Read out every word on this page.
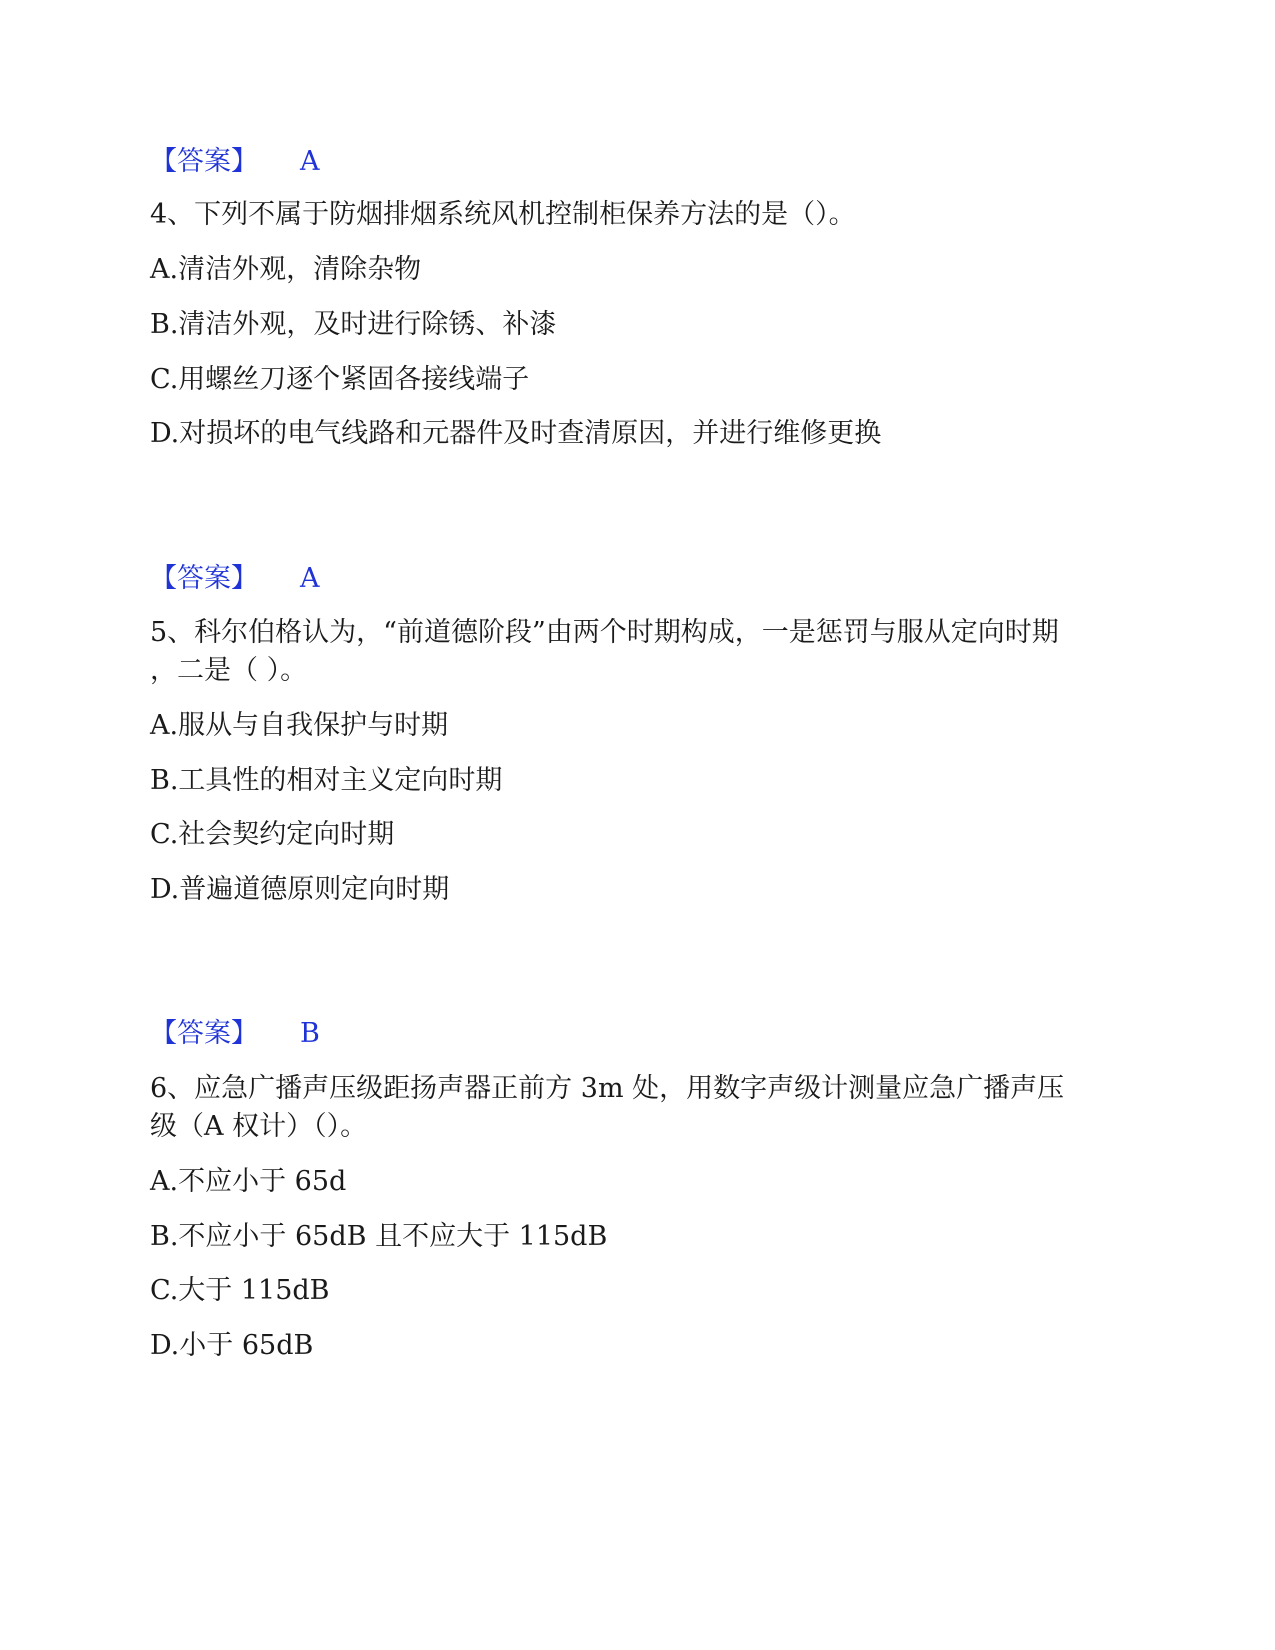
【答案】 A
4、下列不属于防烟排烟系统风机控制柜保养方法的是（）。
A.清洁外观，清除杂物
B.清洁外观，及时进行除锈、补漆
C.用螺丝刀逐个紧固各接线端子
D.对损坏的电气线路和元器件及时查清原因，并进行维修更换
【答案】 A
5、科尔伯格认为，“前道德阶段”由两个时期构成，一是惩罚与服从定向时期
，二是（ ）。
A.服从与自我保护与时期
B.工具性的相对主义定向时期
C.社会契约定向时期
D.普遍道德原则定向时期
【答案】 B
6、应急广播声压级距扬声器正前方 3m 处，用数字声级计测量应急广播声压
级（A 权计）（）。
A.不应小于 65d
B.不应小于 65dB 且不应大于 115dB
C.大于 115dB
D.小于 65dB
